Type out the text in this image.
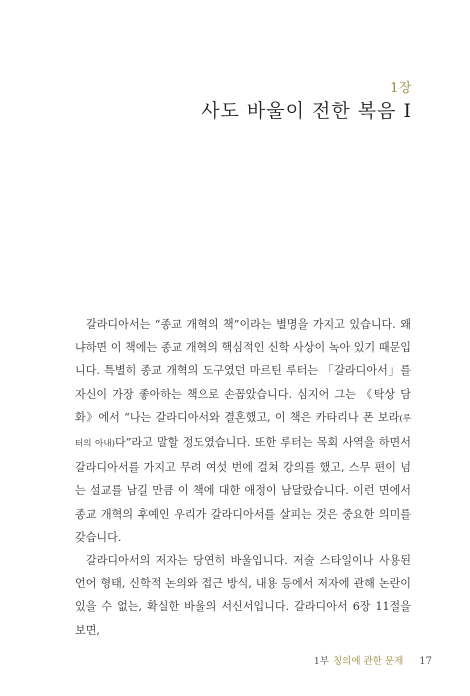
1장
사도 바울이 전한 복음 Ⅰ

갈라디아서는 “종교 개혁의 책”이라는 별명을 가지고 있습니다. 왜냐하면 이 책에는 종교 개혁의 핵심적인 신학 사상이 녹아 있기 때문입니다. 특별히 종교 개혁의 도구였던 마르틴 루터는 「갈라디아서」를 자신이 가장 좋아하는 책으로 손꼽았습니다. 심지어 그는 《탁상 담화》에서 “나는 갈라디아서와 결혼했고, 이 책은 카타리나 폰 보라(루터의 아내)다”라고 말할 정도였습니다. 또한 루터는 목회 사역을 하면서 갈라디아서를 가지고 무려 여섯 번에 걸쳐 강의를 했고, 스무 편이 넘는 설교를 남길 만큼 이 책에 대한 애정이 남달랐습니다. 이런 면에서 종교 개혁의 후예인 우리가 갈라디아서를 살피는 것은 중요한 의미를 갖습니다.

갈라디아서의 저자는 당연히 바울입니다. 저술 스타일이나 사용된 언어 형태, 신학적 논의와 접근 방식, 내용 등에서 저자에 관해 논란이 있을 수 없는, 확실한 바울의 서신서입니다. 갈라디아서 6장 11절을 보면,

1부 칭의에 관한 문제 17
